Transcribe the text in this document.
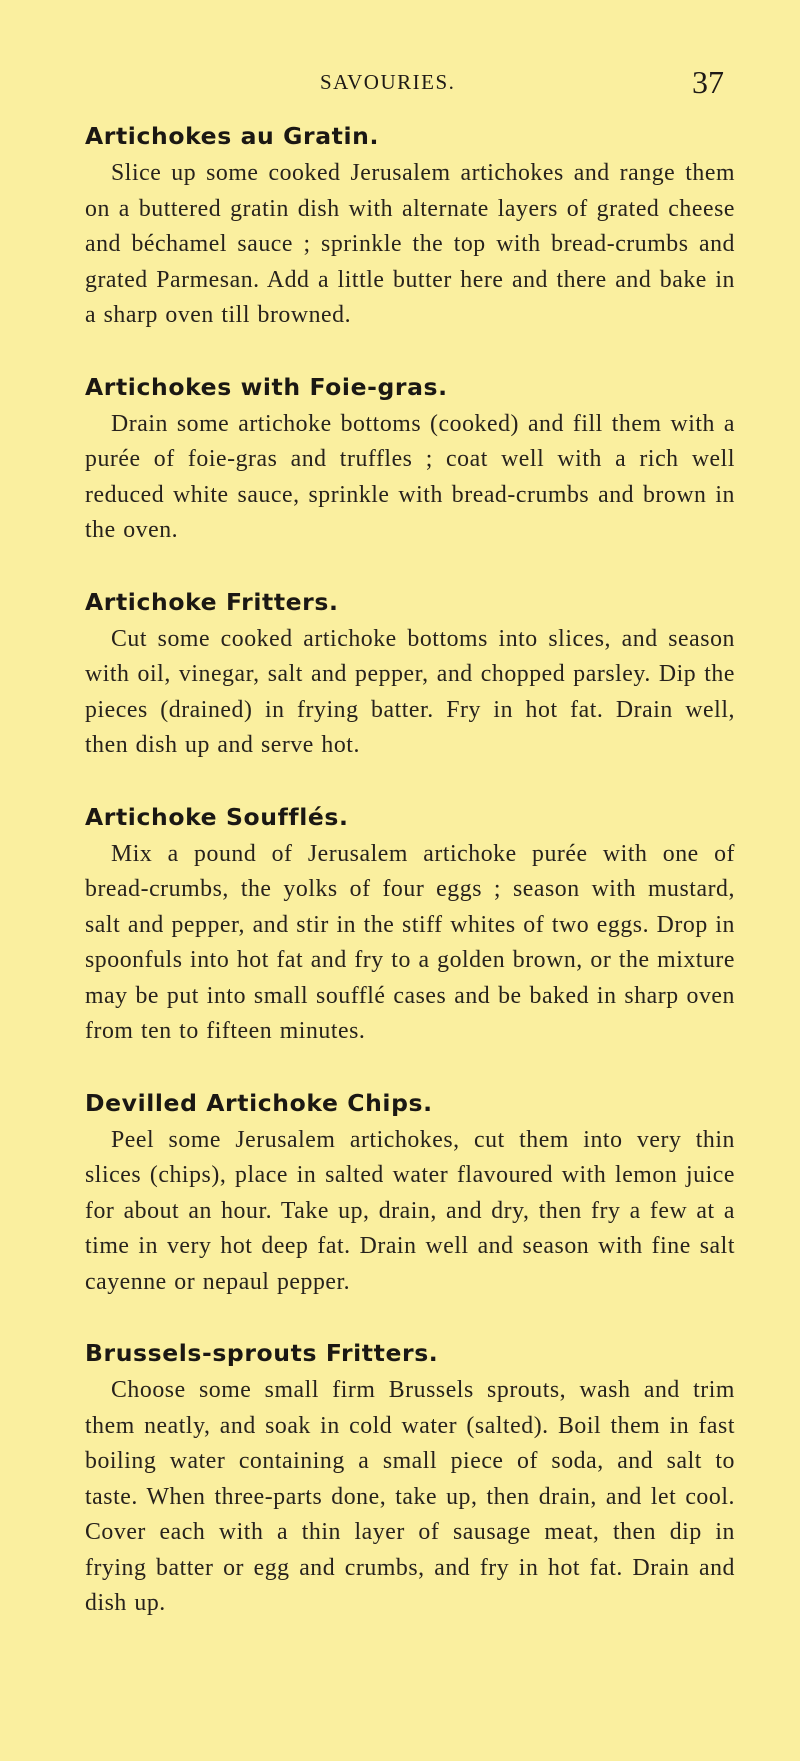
SAVOURIES.	37
Artichokes au Gratin.

Slice up some cooked Jerusalem artichokes and range them on a buttered gratin dish with alternate layers of grated cheese and béchamel sauce ; sprinkle the top with bread-crumbs and grated Parmesan. Add a little butter here and there and bake in a sharp oven till browned.

Artichokes with Foie-gras.

Drain some artichoke bottoms (cooked) and fill them with a purée of foie-gras and truffles ; coat well with a rich well reduced white sauce, sprinkle with bread-crumbs and brown in the oven.

Artichoke Fritters.

Cut some cooked artichoke bottoms into slices, and season with oil, vinegar, salt and pepper, and chopped parsley. Dip the pieces (drained) in frying batter. Fry in hot fat. Drain well, then dish up and serve hot.

Artichoke Soufflés.

Mix a pound of Jerusalem artichoke purée with one of bread-crumbs, the yolks of four eggs ; season with mustard, salt and pepper, and stir in the stiff whites of two eggs. Drop in spoonfuls into hot fat and fry to a golden brown, or the mixture may be put into small soufflé cases and be baked in sharp oven from ten to fifteen minutes.

Devilled Artichoke Chips.

Peel some Jerusalem artichokes, cut them into very thin slices (chips), place in salted water flavoured with lemon juice for about an hour. Take up, drain, and dry, then fry a few at a time in very hot deep fat. Drain well and season with fine salt cayenne or nepaul pepper.

Brussels-sprouts Fritters.

Choose some small firm Brussels sprouts, wash and trim them neatly, and soak in cold water (salted). Boil them in fast boiling water containing a small piece of soda, and salt to taste. When three-parts done, take up, then drain, and let cool. Cover each with a thin layer of sausage meat, then dip in frying batter or egg and crumbs, and fry in hot fat. Drain and dish up.
